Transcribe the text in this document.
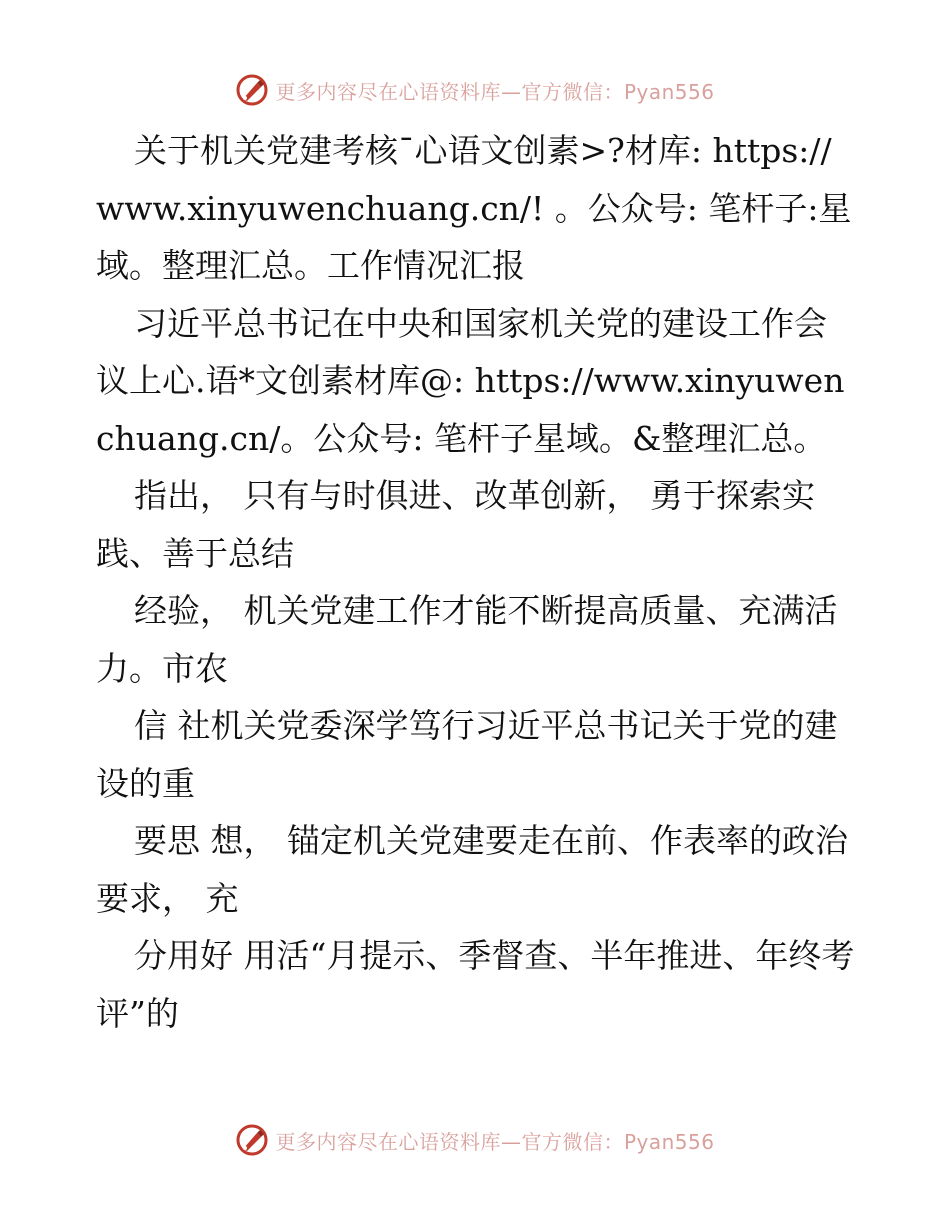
更多内容尽在心语资料库—官方微信：Pyan556

关于机关党建考核¯心语文创素>?材库: https://www.xinyuwenchuang.cn/! 。公众号: 笔杆子:星域。整理汇总。工作情况汇报

习近平总书记在中央和国家机关党的建设工作会议上心.语*文创素材库@: https://www.xinyuwenchuang.cn/。公众号: 笔杆子星域。&整理汇总。

指出， 只有与时俱进、改革创新， 勇于探索实践、善于总结

经验， 机关党建工作才能不断提高质量、充满活力。市农

信 社机关党委深学笃行习近平总书记关于党的建设的重

要思 想， 锚定机关党建要走在前、作表率的政治要求， 充

分用好 用活“月提示、季督查、半年推进、年终考评”的

更多内容尽在心语资料库—官方微信：Pyan556
